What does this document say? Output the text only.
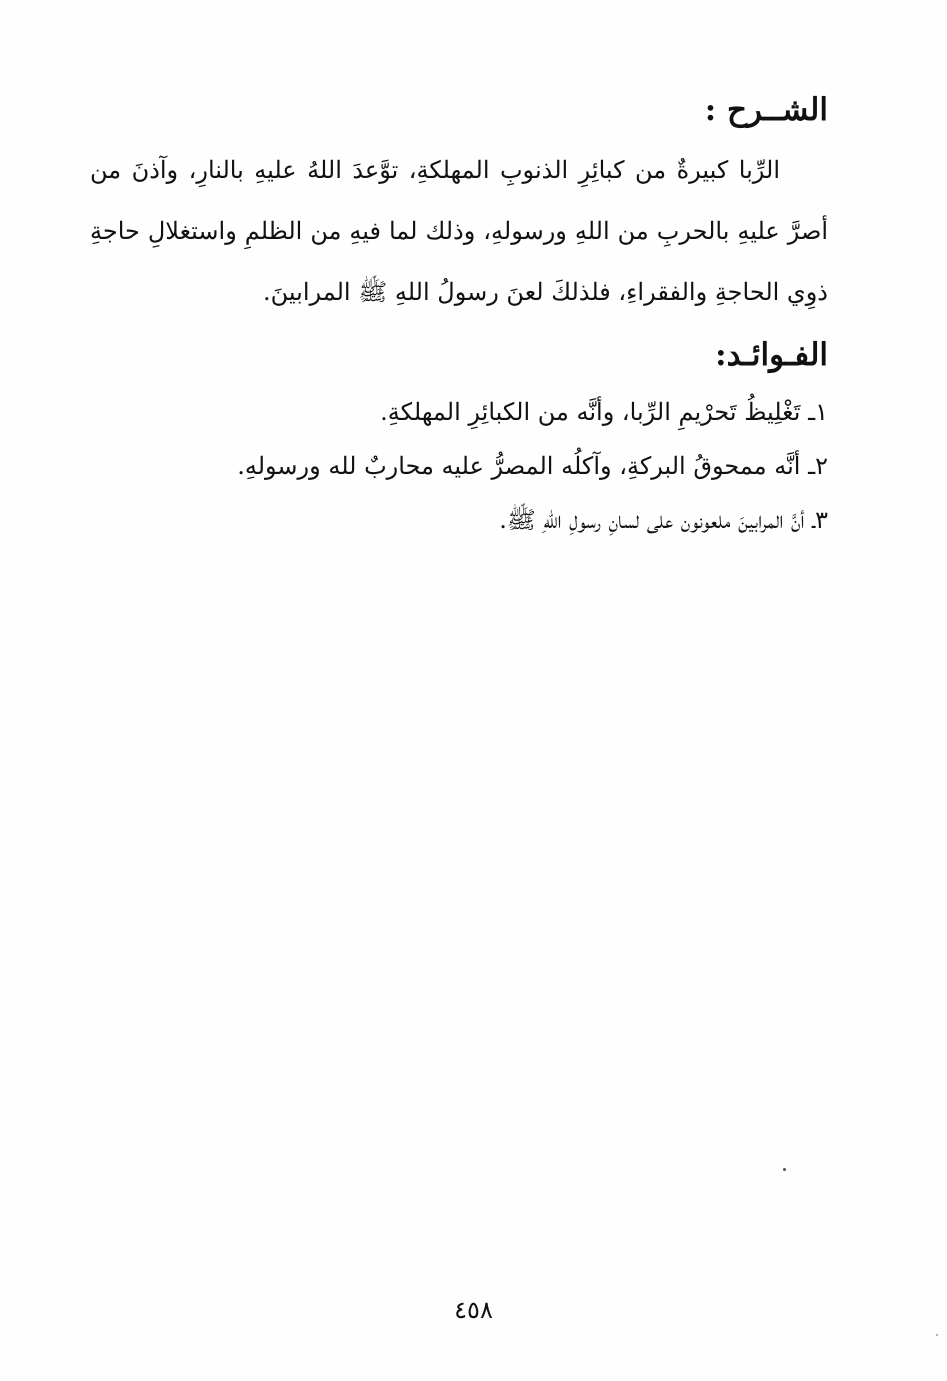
الشــرح :

الرِّبا كبيرةٌ من كبائِرِ الذنوبِ المهلكةِ، توَّعدَ اللهُ عليهِ بالنارِ، وآذنَ من أصرَّ عليهِ بالحربِ من اللهِ ورسولهِ، وذلك لما فيهِ من الظلمِ واستغلالِ حاجةِ ذوِي الحاجةِ والفقراءِ، فلذلكَ لعنَ رسولُ اللهِ ﷺ المرابينَ.

الفـوائـد:
١ـ تَغْلِيظُ تَحرْيمِ الرِّبا، وأنَّه من الكبائِرِ المهلكةِ.
٢ـ أنَّه ممحوقُ البركةِ، وآكلُه المصرُّ عليه محاربٌ لله ورسولهِ.
٣ـ أنَّ المرابينَ ملعونون على لسانِ رسولِ اللهِ ﷺ.
٤٥٨
